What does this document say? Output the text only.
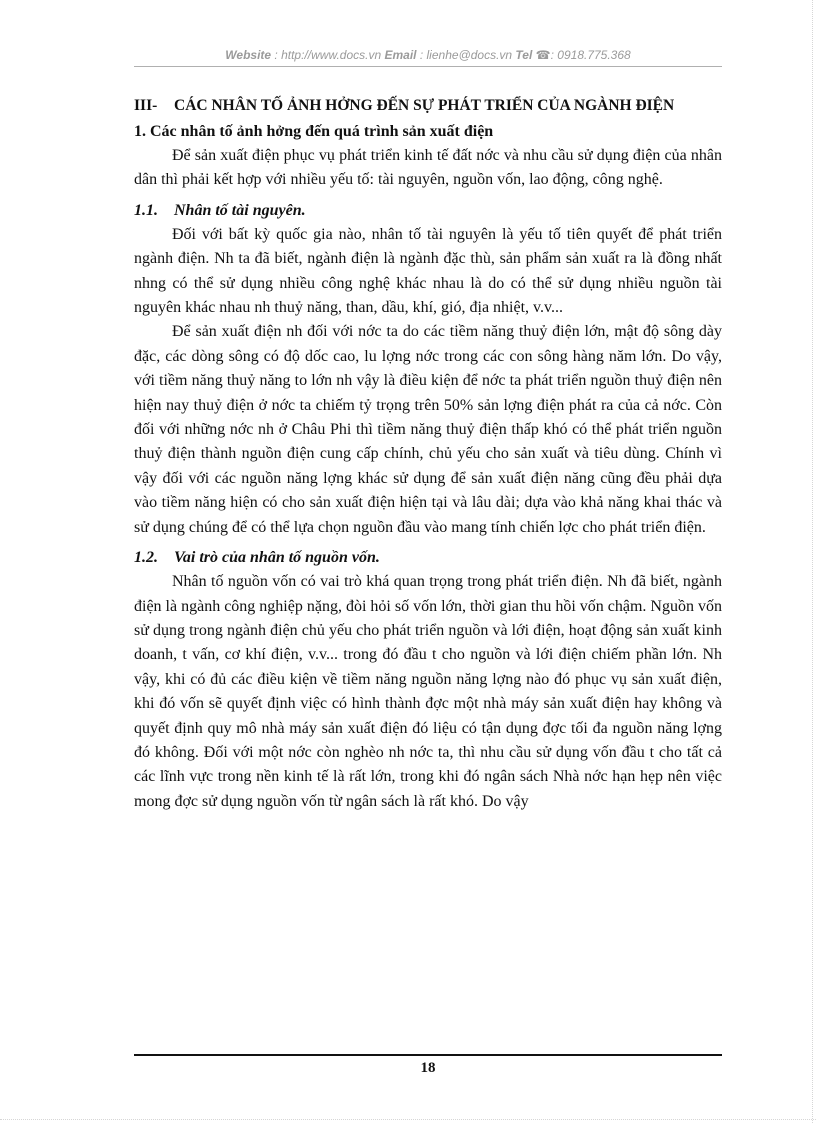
Website : http://www.docs.vn Email : lienhe@docs.vn Tel ☎: 0918.775.368
III-	CÁC NHÂN TỐ ẢNH HỞNG ĐẾN SỰ PHÁT TRIỂN CỦA NGÀNH ĐIỆN
1. Các nhân tố ảnh hởng đến quá trình sản xuất điện

Để sản xuất điện phục vụ phát triển kinh tế đất nớc và nhu cầu sử dụng điện của nhân dân thì phải kết hợp với nhiều yếu tố: tài nguyên, nguồn vốn, lao động, công nghệ.

1.1. Nhân tố tài nguyên.

Đối với bất kỳ quốc gia nào, nhân tố tài nguyên là yếu tố tiên quyết để phát triển ngành điện. Nh ta đã biết, ngành điện là ngành đặc thù, sản phẩm sản xuất ra là đồng nhất nhng có thể sử dụng nhiều công nghệ khác nhau là do có thể sử dụng nhiều nguồn tài nguyên khác nhau nh thuỷ năng, than, dầu, khí, gió, địa nhiệt, v.v...

Để sản xuất điện nh đối với nớc ta do các tiềm năng thuỷ điện lớn, mật độ sông dày đặc, các dòng sông có độ dốc cao, lu lợng nớc trong các con sông hàng năm lớn. Do vậy, với tiềm năng thuỷ năng to lớn nh vậy là điều kiện để nớc ta phát triển nguồn thuỷ điện nên hiện nay thuỷ điện ở nớc ta chiếm tỷ trọng trên 50% sản lợng điện phát ra của cả nớc. Còn đối với những nớc nh ở Châu Phi thì tiềm năng thuỷ điện thấp khó có thể phát triển nguồn thuỷ điện thành nguồn điện cung cấp chính, chủ yếu cho sản xuất và tiêu dùng. Chính vì vậy đối với các nguồn năng lợng khác sử dụng để sản xuất điện năng cũng đều phải dựa vào tiềm năng hiện có cho sản xuất điện hiện tại và lâu dài; dựa vào khả năng khai thác và sử dụng chúng để có thể lựa chọn nguồn đầu vào mang tính chiến lợc cho phát triển điện.

1.2. Vai trò của nhân tố nguồn vốn.

Nhân tố nguồn vốn có vai trò khá quan trọng trong phát triển điện. Nh đã biết, ngành điện là ngành công nghiệp nặng, đòi hỏi số vốn lớn, thời gian thu hồi vốn chậm. Nguồn vốn sử dụng trong ngành điện chủ yếu cho phát triển nguồn và lới điện, hoạt động sản xuất kinh doanh, t vấn, cơ khí điện, v.v... trong đó đầu t cho nguồn và lới điện chiếm phần lớn. Nh vậy, khi có đủ các điều kiện về tiềm năng nguồn năng lợng nào đó phục vụ sản xuất điện, khi đó vốn sẽ quyết định việc có hình thành đợc một nhà máy sản xuất điện hay không và quyết định quy mô nhà máy sản xuất điện đó liệu có tận dụng đợc tối đa nguồn năng lợng đó không. Đối với một nớc còn nghèo nh nớc ta, thì nhu cầu sử dụng vốn đầu t cho tất cả các lĩnh vực trong nền kinh tế là rất lớn, trong khi đó ngân sách Nhà nớc hạn hẹp nên việc mong đợc sử dụng nguồn vốn từ ngân sách là rất khó. Do vậy

18
